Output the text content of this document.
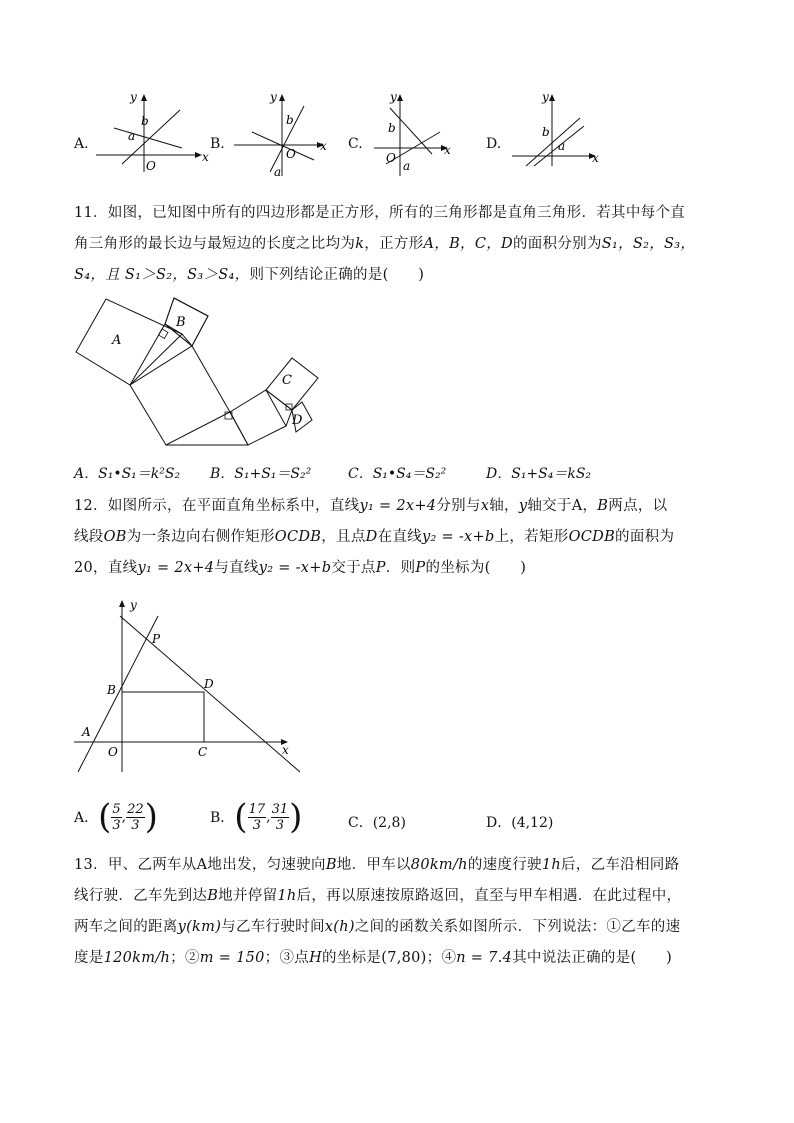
A.
x
y
O
a
b
B.	x
y
O
a
b
C.	x
y
O
a
b
D.
x
y
a
b
11．如图，已知图中所有的四边形都是正方形，所有的三角形都是直角三角形．若其中每个直
角三角形的最长边与最短边的长度之比均为k，正方形A，B，C，D的面积分别为S₁，S₂，S₃，
S₄，且 S₁＞S₂，S₃＞S₄，则下列结论正确的是(　　)
A
B
C
D
A．S₁•S₁＝k²S₂ B．S₁+S₁＝S₂²	C．S₁•S₄＝S₂²	D．S₁+S₄＝kS₂
12．如图所示，在平面直角坐标系中，直线y₁ = 2x+4分别与x轴，y轴交于A，B两点，以
线段OB为一条边向右侧作矩形OCDB，且点D在直线y₂ = -x+b上，若矩形OCDB的面积为
20，直线y₁ = 2x+4与直线y₂ = -x+b交于点P．则P的坐标为(　　)
y
x
P
B	D
A
O	C
A． ( $\frac{5}{3}$ , $\frac{22}{3}$ )	B． ( $\frac{17}{3}$ , $\frac{31}{3}$ )	C．(2,8)	D．(4,12)
13．甲、乙两车从A地出发，匀速驶向B地．甲车以80km/h的速度行驶1h后，乙车沿相同路
线行驶．乙车先到达B地并停留1h后，再以原速按原路返回，直至与甲车相遇．在此过程中，
两车之间的距离y(km)与乙车行驶时间x(h)之间的函数关系如图所示．下列说法：①乙车的速
度是120km/h；②m = 150；③点H的坐标是(7,80)；④n = 7.4其中说法正确的是(　　)
